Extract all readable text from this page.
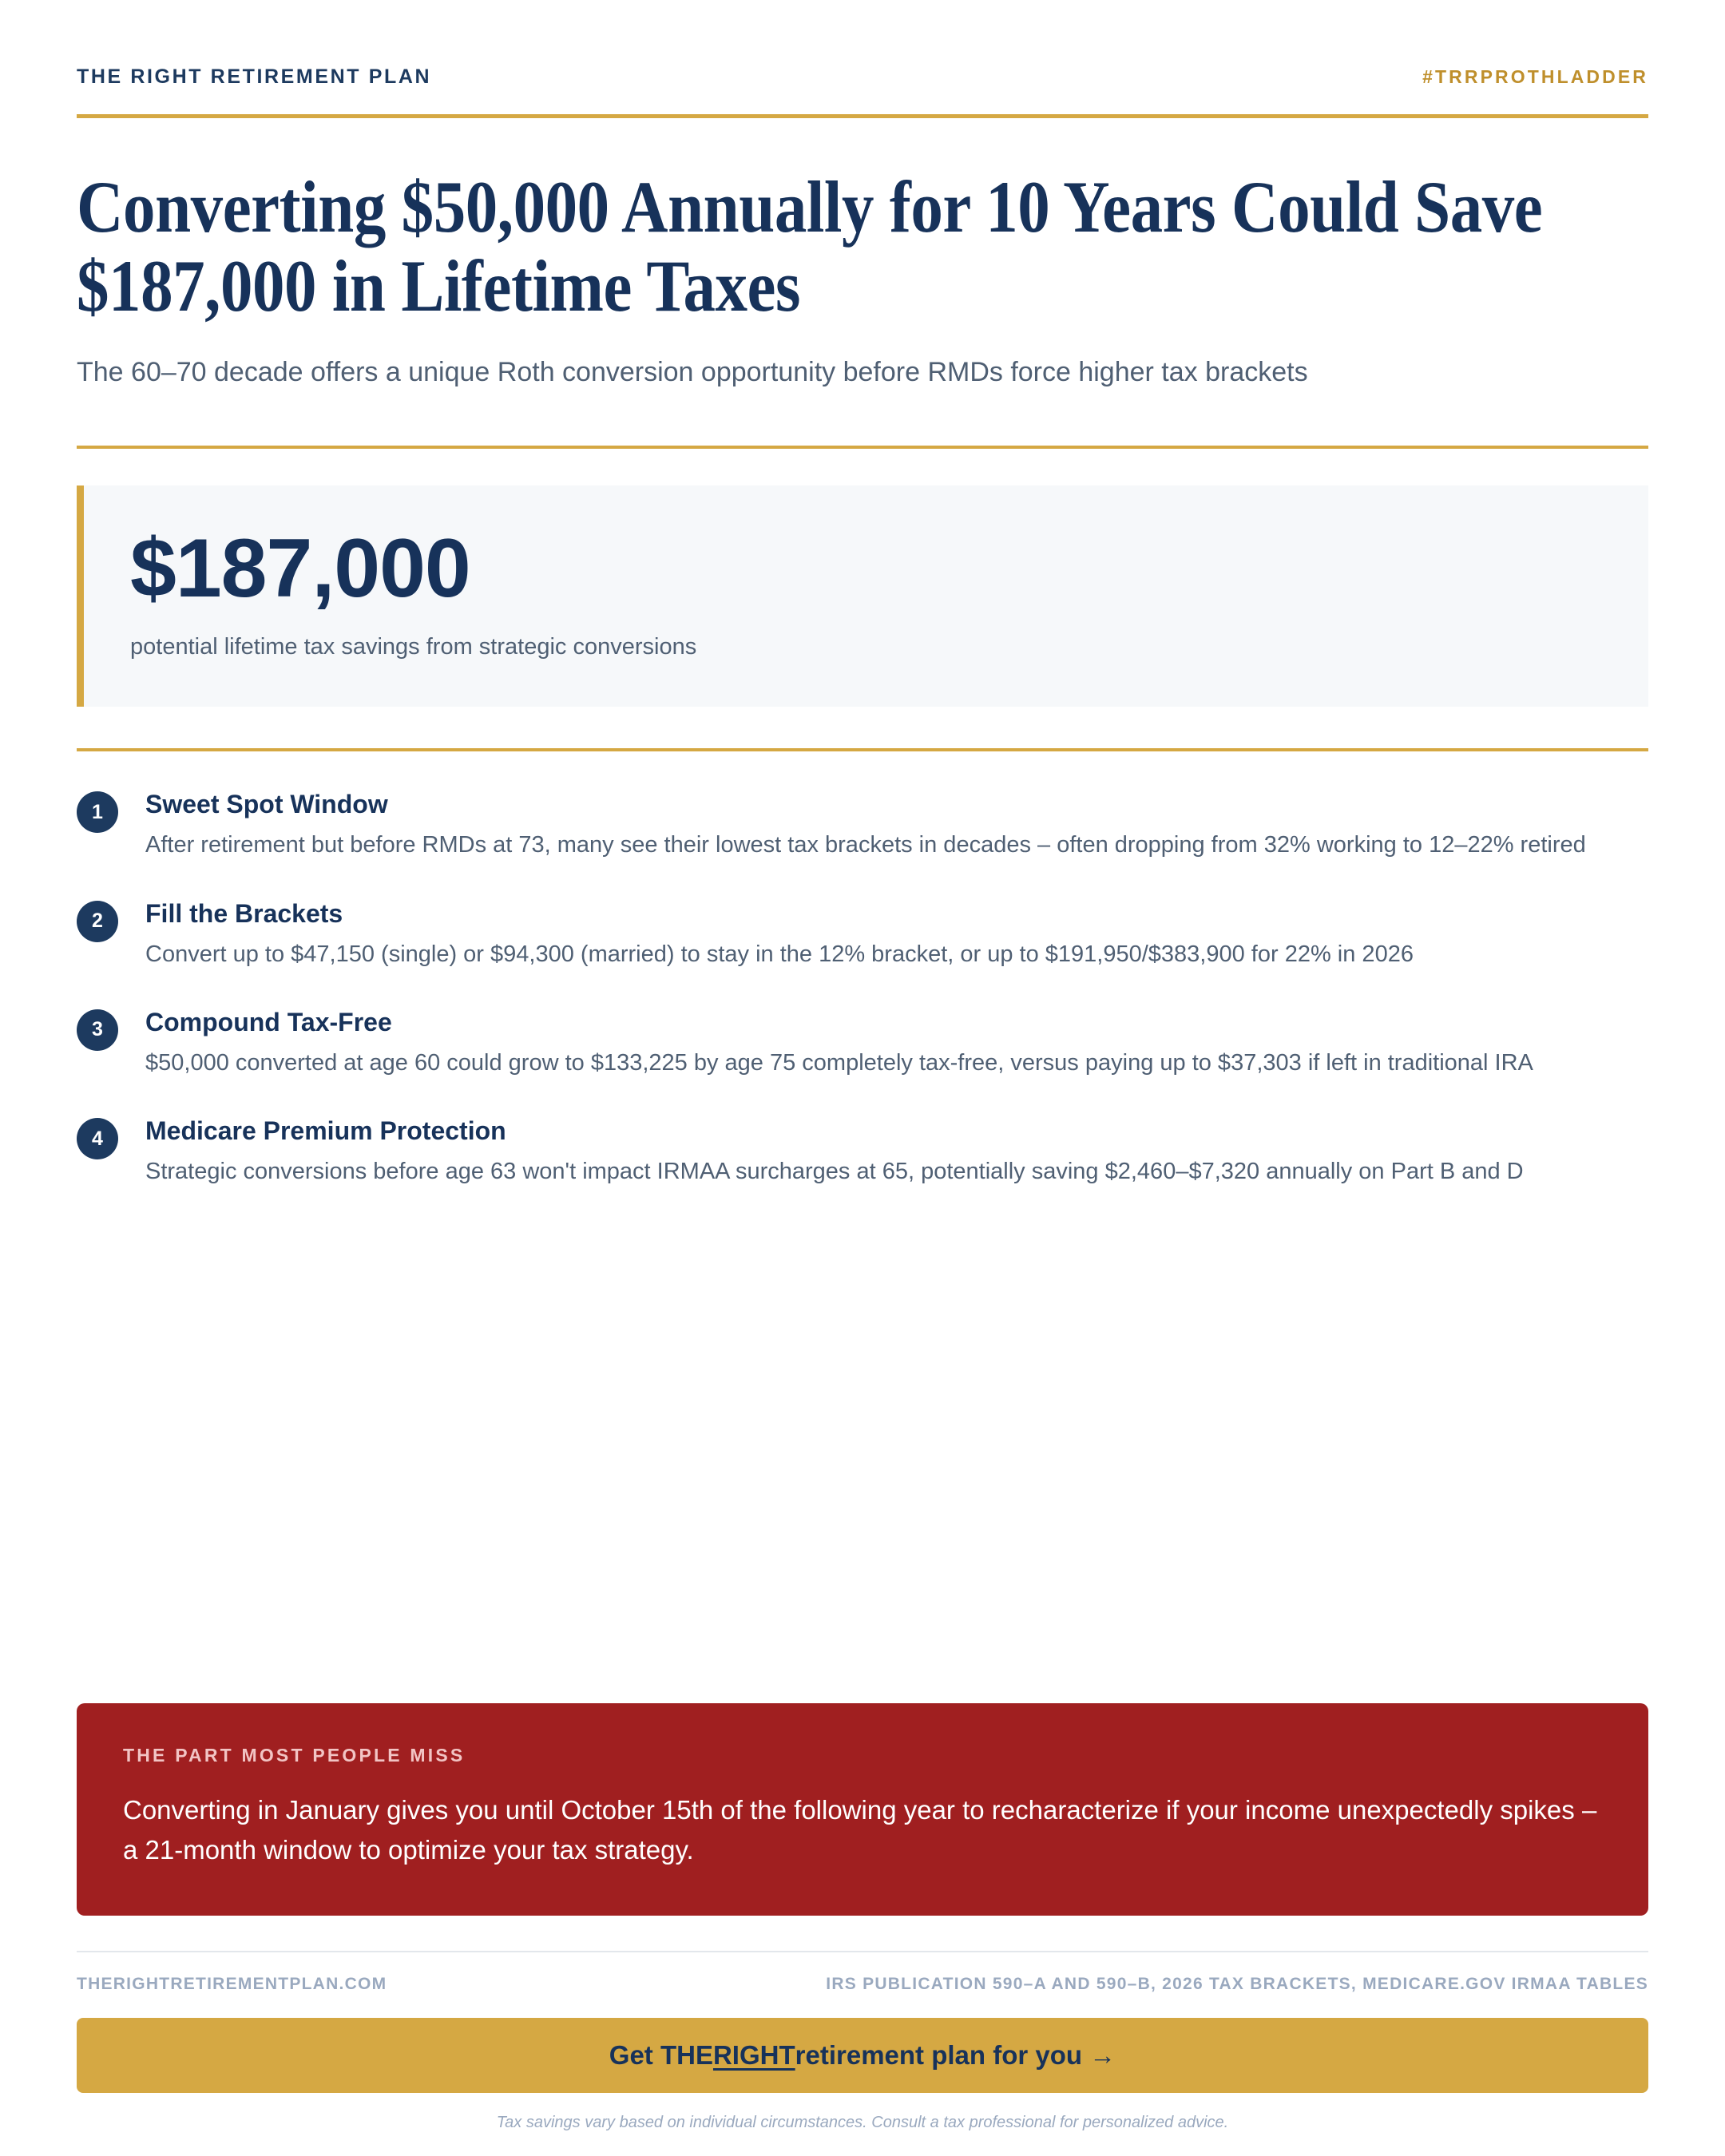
THE RIGHT RETIREMENT PLAN	#TRRPROTHLADDER
Converting $50,000 Annually for 10 Years Could Save $187,000 in Lifetime Taxes

The 60–70 decade offers a unique Roth conversion opportunity before RMDs force higher tax brackets

$187,000
potential lifetime tax savings from strategic conversions
1	Sweet Spot Window
After retirement but before RMDs at 73, many see their lowest tax brackets in decades – often dropping from 32% working to 12–22% retired
2	Fill the Brackets
Convert up to $47,150 (single) or $94,300 (married) to stay in the 12% bracket, or up to $191,950/$383,900 for 22% in 2026
3	Compound Tax-Free
$50,000 converted at age 60 could grow to $133,225 by age 75 completely tax-free, versus paying up to $37,303 if left in traditional IRA
4	Medicare Premium Protection
Strategic conversions before age 63 won't impact IRMAA surcharges at 65, potentially saving $2,460–$7,320 annually on Part B and D
THE PART MOST PEOPLE MISS
Converting in January gives you until October 15th of the following year to recharacterize if your income unexpectedly spikes – a 21-month window to optimize your tax strategy.
THERIGHTRETIREMENTPLAN.COM	IRS PUBLICATION 590–A AND 590–B, 2026 TAX BRACKETS, MEDICARE.GOV IRMAA TABLES
Get THE RIGHT retirement plan for you →
Tax savings vary based on individual circumstances. Consult a tax professional for personalized advice.
